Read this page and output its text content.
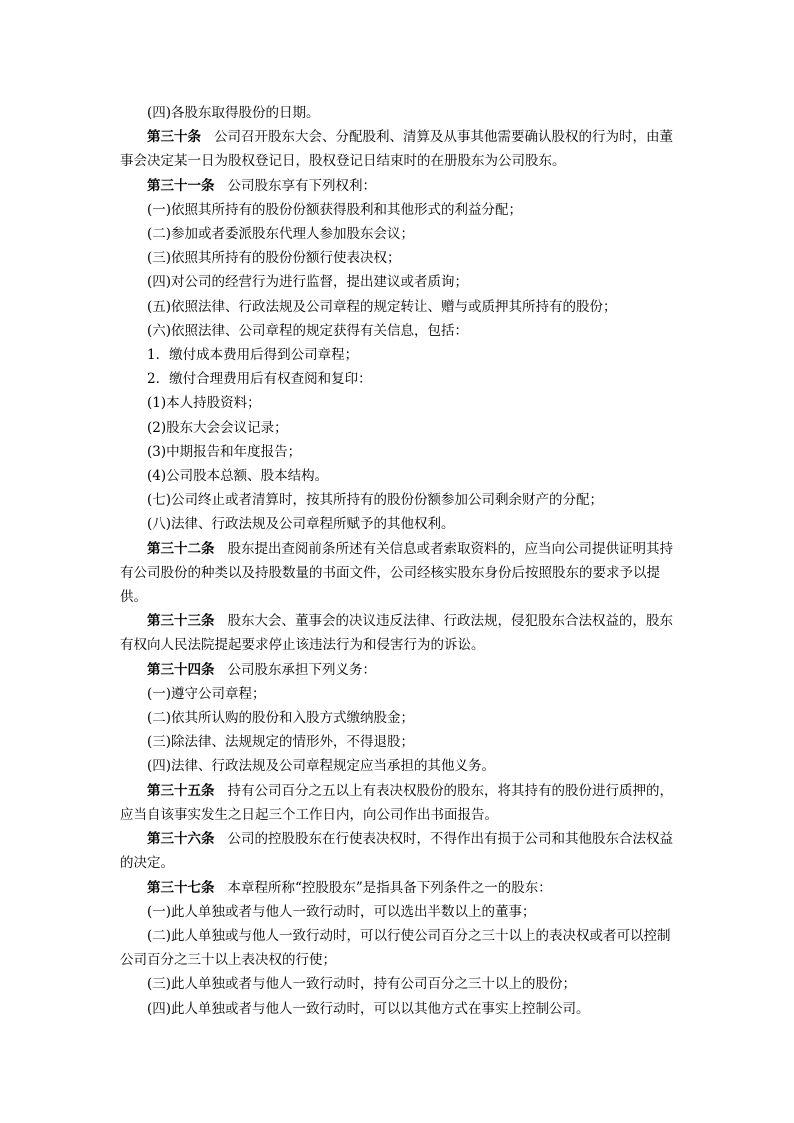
(四)各股东取得股份的日期。

第三十条 公司召开股东大会、分配股利、清算及从事其他需要确认股权的行为时，由董事会决定某一日为股权登记日，股权登记日结束时的在册股东为公司股东。

第三十一条 公司股东享有下列权利：

(一)依照其所持有的股份份额获得股利和其他形式的利益分配；

(二)参加或者委派股东代理人参加股东会议；

(三)依照其所持有的股份份额行使表决权；

(四)对公司的经营行为进行监督，提出建议或者质询；

(五)依照法律、行政法规及公司章程的规定转让、赠与或质押其所持有的股份；

(六)依照法律、公司章程的规定获得有关信息，包括：

1．缴付成本费用后得到公司章程；

2．缴付合理费用后有权查阅和复印：

(1)本人持股资料；

(2)股东大会会议记录；

(3)中期报告和年度报告；

(4)公司股本总额、股本结构。

(七)公司终止或者清算时，按其所持有的股份份额参加公司剩余财产的分配；

(八)法律、行政法规及公司章程所赋予的其他权利。

第三十二条 股东提出查阅前条所述有关信息或者索取资料的，应当向公司提供证明其持有公司股份的种类以及持股数量的书面文件，公司经核实股东身份后按照股东的要求予以提供。

第三十三条 股东大会、董事会的决议违反法律、行政法规，侵犯股东合法权益的，股东有权向人民法院提起要求停止该违法行为和侵害行为的诉讼。

第三十四条 公司股东承担下列义务：

(一)遵守公司章程；

(二)依其所认购的股份和入股方式缴纳股金；

(三)除法律、法规规定的情形外，不得退股；

(四)法律、行政法规及公司章程规定应当承担的其他义务。

第三十五条 持有公司百分之五以上有表决权股份的股东，将其持有的股份进行质押的，应当自该事实发生之日起三个工作日内，向公司作出书面报告。

第三十六条 公司的控股股东在行使表决权时，不得作出有损于公司和其他股东合法权益的决定。

第三十七条 本章程所称“控股股东”是指具备下列条件之一的股东：

(一)此人单独或者与他人一致行动时，可以选出半数以上的董事；

(二)此人单独或与他人一致行动时，可以行使公司百分之三十以上的表决权或者可以控制公司百分之三十以上表决权的行使；

(三)此人单独或者与他人一致行动时，持有公司百分之三十以上的股份；

(四)此人单独或者与他人一致行动时，可以以其他方式在事实上控制公司。
